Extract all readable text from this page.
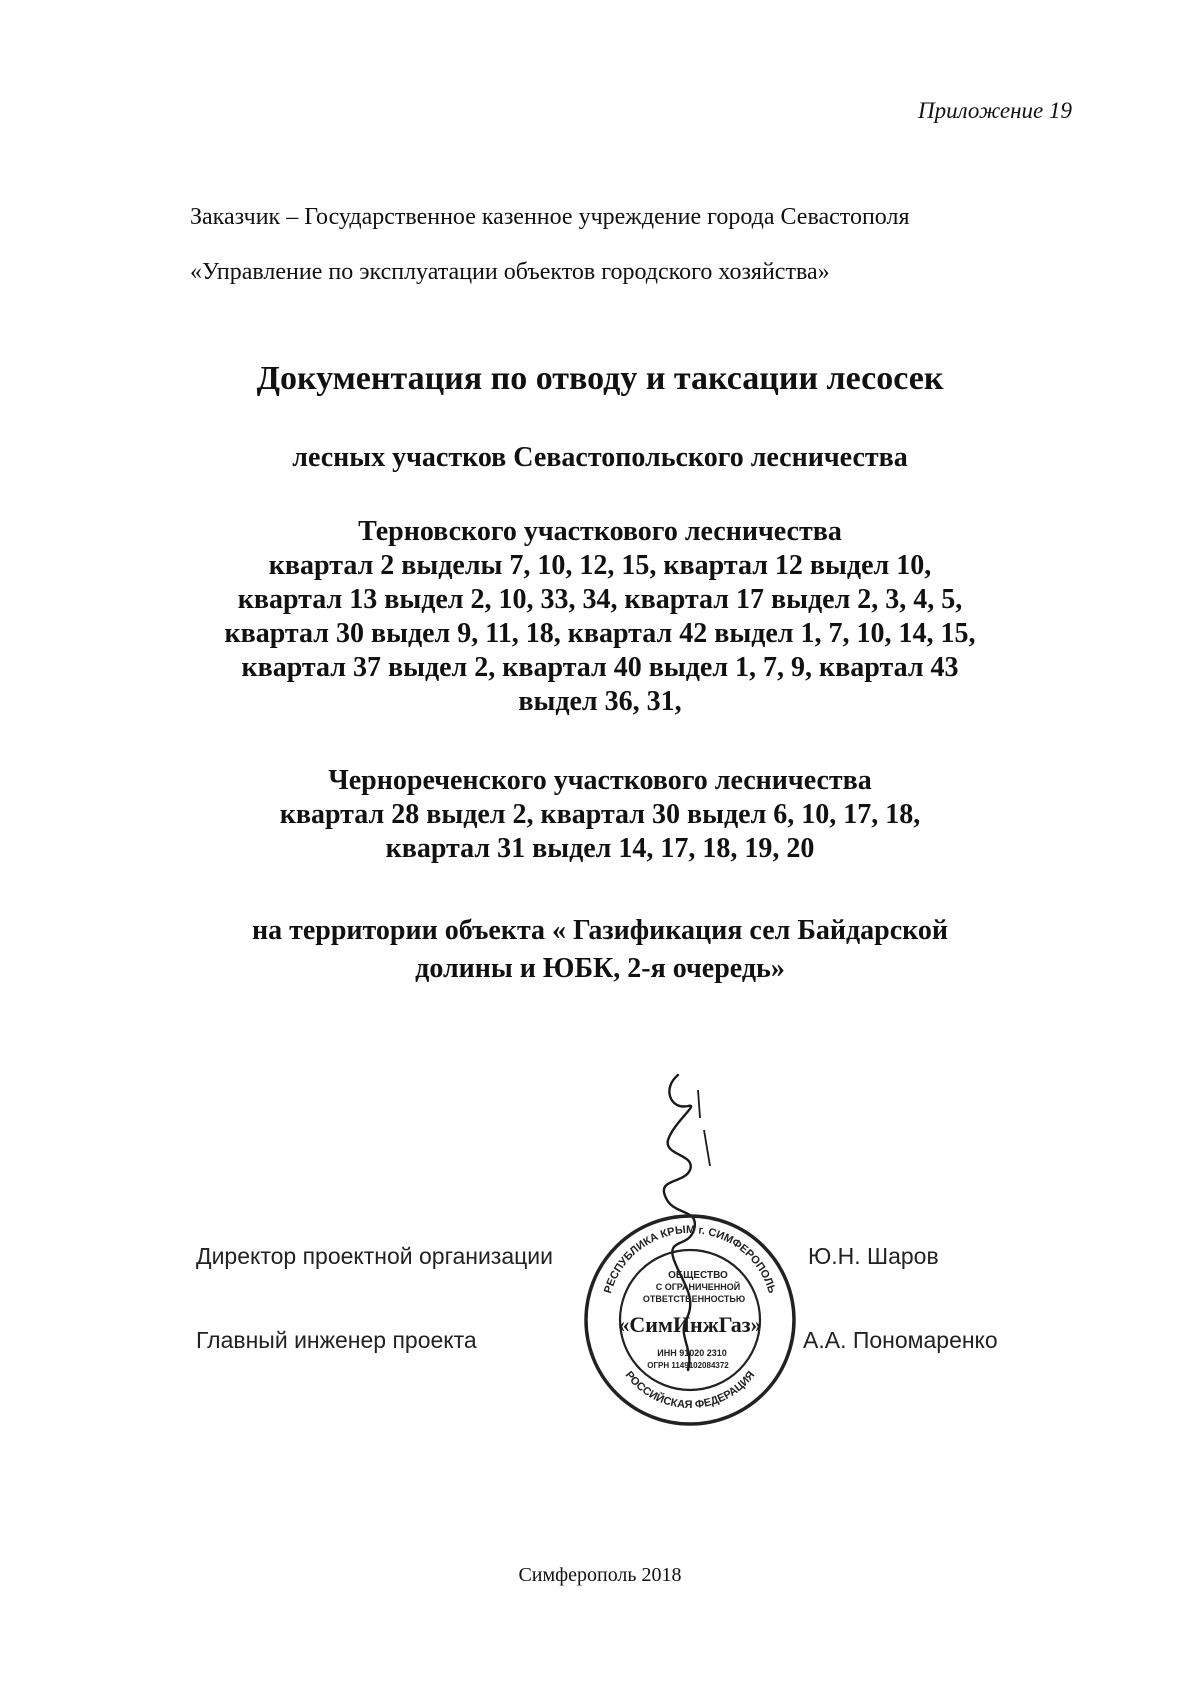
Приложение 19
Заказчик – Государственное казенное учреждение города Севастополя
«Управление по эксплуатации объектов городского хозяйства»
Документация по отводу и таксации лесосек
лесных участков Севастопольского лесничества
Терновского участкового лесничества
квартал 2 выделы 7, 10, 12, 15, квартал 12 выдел 10,
квартал 13 выдел 2, 10, 33, 34, квартал 17 выдел 2, 3, 4, 5,
квартал 30 выдел 9, 11, 18, квартал 42 выдел 1, 7, 10, 14, 15,
квартал 37 выдел 2, квартал 40 выдел 1, 7, 9, квартал 43
выдел 36, 31,
Чернореченского участкового лесничества
квартал 28 выдел 2, квартал 30 выдел 6, 10, 17, 18,
квартал 31 выдел 14, 17, 18, 19, 20
на территории объекта « Газификация сел Байдарской
долины и ЮБК, 2-я очередь»
Директор проектной организации	Ю.Н. Шаров
Главный инженер проекта	А.А. Пономаренко
РЕСПУБЛИКА КРЫМ г. СИМФЕРОПОЛЬ
РОССИЙСКАЯ ФЕДЕРАЦИЯ
ОБЩЕСТВО
С ОГРАНИЧЕННОЙ
ОТВЕТСТВЕННОСТЬЮ
«СимИнжГаз»
ИНН 91020 2310
ОГРН 1149102084372
Симферополь 2018
